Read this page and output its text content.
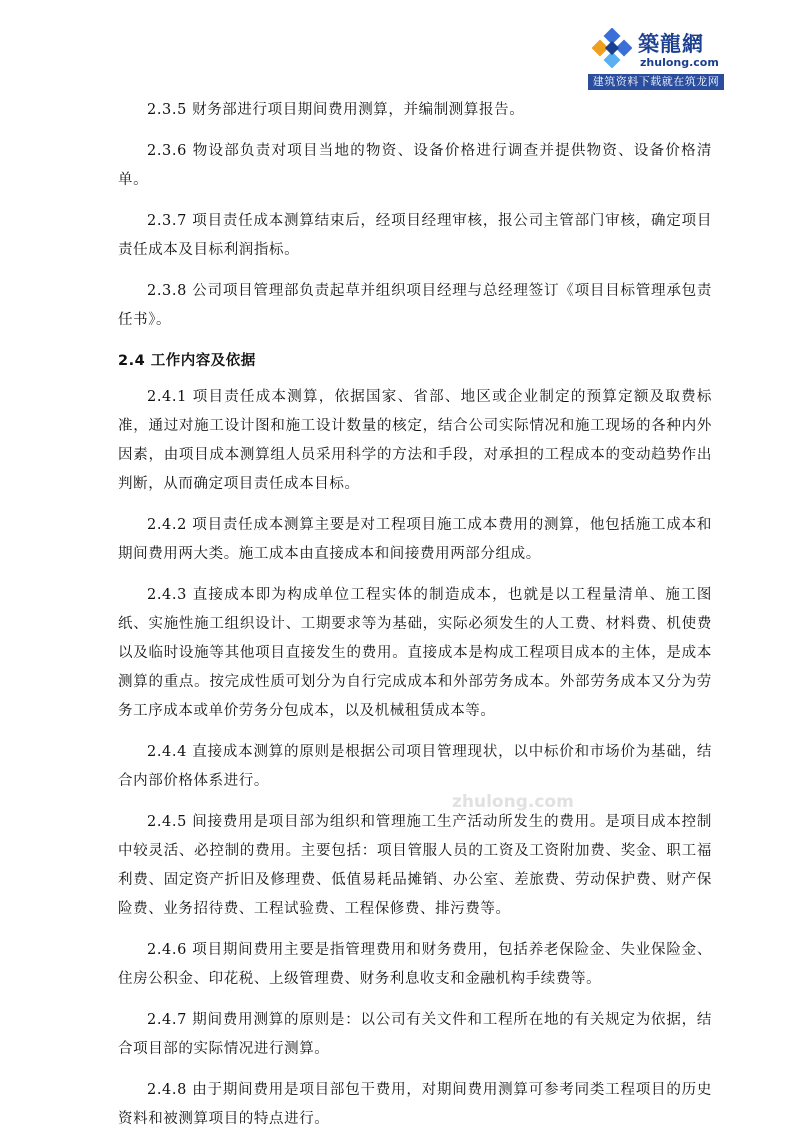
築龍網
zhulong.com
建筑资料下载就在筑龙网
zhulong.com

2.3.5 财务部进行项目期间费用测算，并编制测算报告。

2.3.6 物设部负责对项目当地的物资、设备价格进行调查并提供物资、设备价格清单。

2.3.7 项目责任成本测算结束后，经项目经理审核，报公司主管部门审核，确定项目责任成本及目标利润指标。

2.3.8 公司项目管理部负责起草并组织项目经理与总经理签订《项目目标管理承包责任书》。

2.4 工作内容及依据

2.4.1 项目责任成本测算，依据国家、省部、地区或企业制定的预算定额及取费标准，通过对施工设计图和施工设计数量的核定，结合公司实际情况和施工现场的各种内外因素，由项目成本测算组人员采用科学的方法和手段，对承担的工程成本的变动趋势作出判断，从而确定项目责任成本目标。

2.4.2 项目责任成本测算主要是对工程项目施工成本费用的测算，他包括施工成本和期间费用两大类。施工成本由直接成本和间接费用两部分组成。

2.4.3 直接成本即为构成单位工程实体的制造成本，也就是以工程量清单、施工图纸、实施性施工组织设计、工期要求等为基础，实际必须发生的人工费、材料费、机使费以及临时设施等其他项目直接发生的费用。直接成本是构成工程项目成本的主体，是成本测算的重点。按完成性质可划分为自行完成成本和外部劳务成本。外部劳务成本又分为劳务工序成本或单价劳务分包成本，以及机械租赁成本等。

2.4.4 直接成本测算的原则是根据公司项目管理现状，以中标价和市场价为基础，结合内部价格体系进行。

2.4.5 间接费用是项目部为组织和管理施工生产活动所发生的费用。是项目成本控制中较灵活、必控制的费用。主要包括：项目管服人员的工资及工资附加费、奖金、职工福利费、固定资产折旧及修理费、低值易耗品摊销、办公室、差旅费、劳动保护费、财产保险费、业务招待费、工程试验费、工程保修费、排污费等。

2.4.6 项目期间费用主要是指管理费用和财务费用，包括养老保险金、失业保险金、住房公积金、印花税、上级管理费、财务利息收支和金融机构手续费等。

2.4.7 期间费用测算的原则是：以公司有关文件和工程所在地的有关规定为依据，结合项目部的实际情况进行测算。

2.4.8 由于期间费用是项目部包干费用，对期间费用测算可参考同类工程项目的历史资料和被测算项目的特点进行。
